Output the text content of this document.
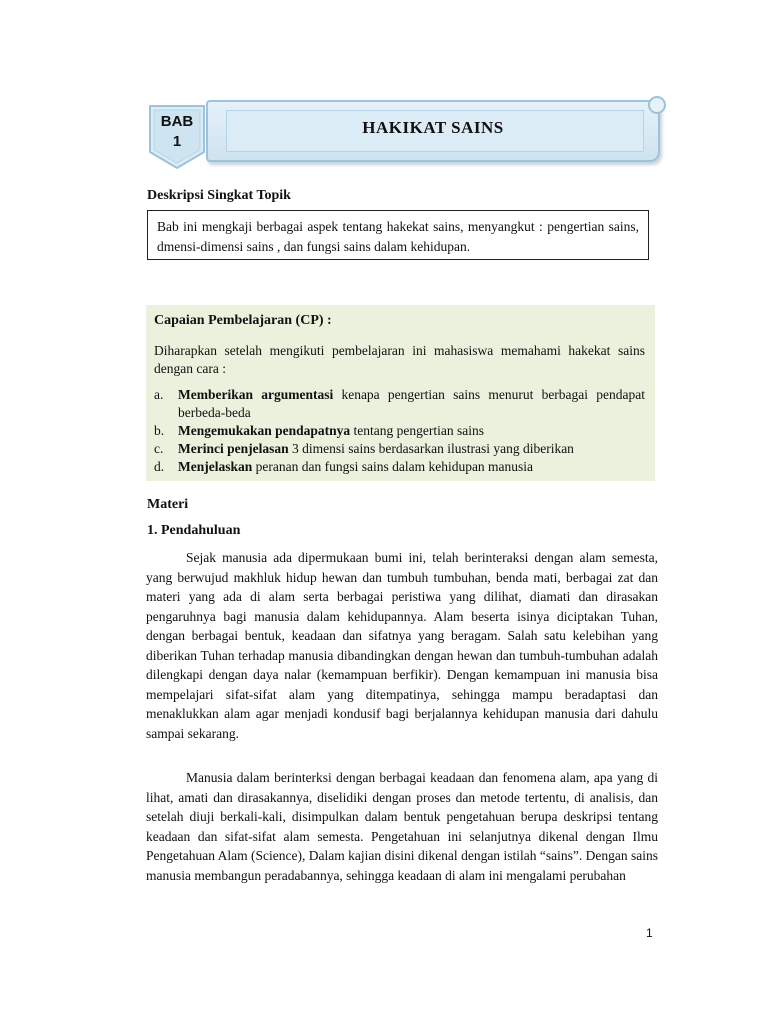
HAKIKAT SAINS
BAB
1
Deskripsi Singkat Topik
Bab ini mengkaji berbagai aspek tentang hakekat sains, menyangkut : pengertian sains, dmensi-dimensi sains , dan fungsi sains dalam kehidupan.
Capaian Pembelajaran (CP) :
Diharapkan setelah mengikuti pembelajaran ini mahasiswa memahami hakekat sains dengan cara :
a. Memberikan argumentasi kenapa pengertian sains menurut berbagai pendapat berbeda-beda
b. Mengemukakan pendapatnya tentang pengertian sains
c. Merinci penjelasan 3 dimensi sains berdasarkan ilustrasi yang diberikan
d. Menjelaskan peranan dan fungsi sains dalam kehidupan manusia
Materi
1. Pendahuluan
Sejak manusia ada dipermukaan bumi ini, telah berinteraksi dengan alam semesta, yang berwujud makhluk hidup hewan dan tumbuh tumbuhan, benda mati, berbagai zat dan materi yang ada di alam serta berbagai peristiwa yang dilihat, diamati dan dirasakan pengaruhnya bagi manusia dalam kehidupannya. Alam beserta isinya diciptakan Tuhan, dengan berbagai bentuk, keadaan dan sifatnya yang beragam. Salah satu kelebihan yang diberikan Tuhan terhadap manusia dibandingkan dengan hewan dan tumbuh-tumbuhan adalah dilengkapi dengan daya nalar (kemampuan berfikir). Dengan kemampuan ini manusia bisa mempelajari sifat-sifat alam yang ditempatinya, sehingga mampu beradaptasi dan menaklukkan alam agar menjadi kondusif bagi berjalannya kehidupan manusia dari dahulu sampai sekarang.
Manusia dalam berinterksi dengan berbagai keadaan dan fenomena alam, apa yang di lihat, amati dan dirasakannya, diselidiki dengan proses dan metode tertentu, di analisis, dan setelah diuji berkali-kali, disimpulkan dalam bentuk pengetahuan berupa deskripsi tentang keadaan dan sifat-sifat alam semesta. Pengetahuan ini selanjutnya dikenal dengan Ilmu Pengetahuan Alam (Science), Dalam kajian disini dikenal dengan istilah “sains”. Dengan sains manusia membangun peradabannya, sehingga keadaan di alam ini mengalami perubahan
1
